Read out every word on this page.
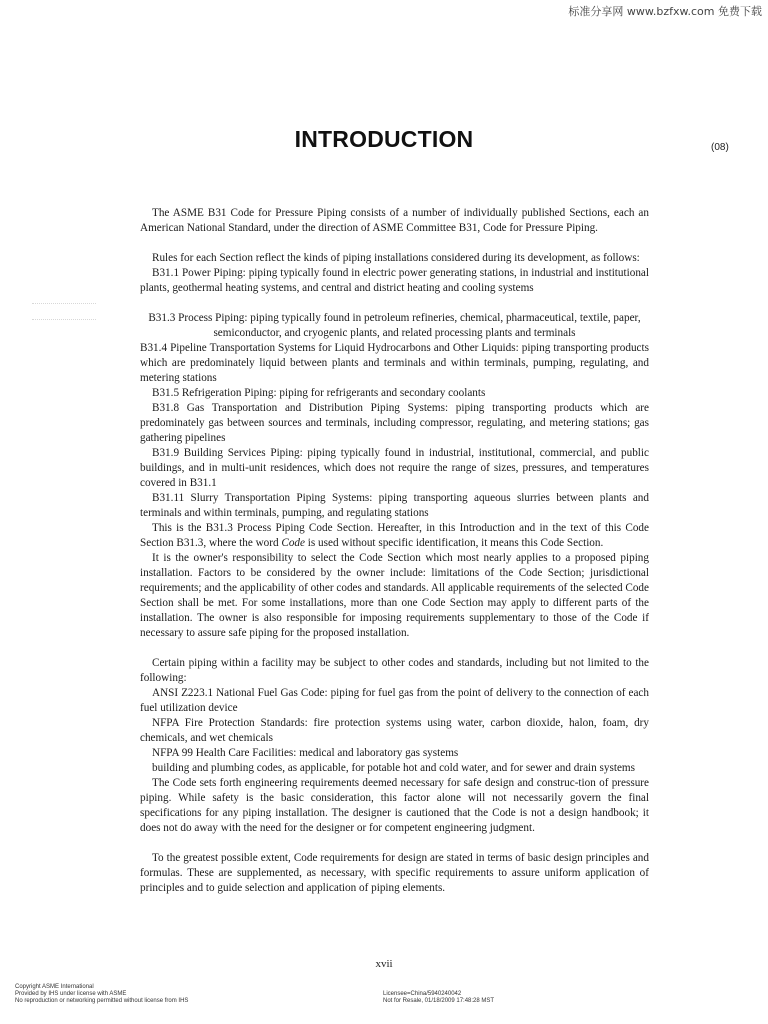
标准分享网 www.bzfxw.com 免费下载
INTRODUCTION	(08)

The ASME B31 Code for Pressure Piping consists of a number of individually published Sections, each an American National Standard, under the direction of ASME Committee B31, Code for Pressure Piping.

Rules for each Section reflect the kinds of piping installations considered during its development, as follows:

B31.1 Power Piping: piping typically found in electric power generating stations, in industrial and institutional plants, geothermal heating systems, and central and district heating and cooling systems

B31.3 Process Piping: piping typically found in petroleum refineries, chemical, pharmaceutical, textile, paper, semiconductor, and cryogenic plants, and related processing plants and terminals

B31.4 Pipeline Transportation Systems for Liquid Hydrocarbons and Other Liquids: piping transporting products which are predominately liquid between plants and terminals and within terminals, pumping, regulating, and metering stations

B31.5 Refrigeration Piping: piping for refrigerants and secondary coolants

B31.8 Gas Transportation and Distribution Piping Systems: piping transporting products which are predominately gas between sources and terminals, including compressor, regulating, and metering stations; gas gathering pipelines

B31.9 Building Services Piping: piping typically found in industrial, institutional, commercial, and public buildings, and in multi-unit residences, which does not require the range of sizes, pressures, and temperatures covered in B31.1

B31.11 Slurry Transportation Piping Systems: piping transporting aqueous slurries between plants and terminals and within terminals, pumping, and regulating stations

This is the B31.3 Process Piping Code Section. Hereafter, in this Introduction and in the text of this Code Section B31.3, where the word Code is used without specific identification, it means this Code Section.

It is the owner's responsibility to select the Code Section which most nearly applies to a proposed piping installation. Factors to be considered by the owner include: limitations of the Code Section; jurisdictional requirements; and the applicability of other codes and standards. All applicable requirements of the selected Code Section shall be met. For some installations, more than one Code Section may apply to different parts of the installation. The owner is also responsible for imposing requirements supplementary to those of the Code if necessary to assure safe piping for the proposed installation.

Certain piping within a facility may be subject to other codes and standards, including but not limited to the following:

ANSI Z223.1 National Fuel Gas Code: piping for fuel gas from the point of delivery to the connection of each fuel utilization device

NFPA Fire Protection Standards: fire protection systems using water, carbon dioxide, halon, foam, dry chemicals, and wet chemicals

NFPA 99 Health Care Facilities: medical and laboratory gas systems

building and plumbing codes, as applicable, for potable hot and cold water, and for sewer and drain systems

The Code sets forth engineering requirements deemed necessary for safe design and construc-tion of pressure piping. While safety is the basic consideration, this factor alone will not necessarily govern the final specifications for any piping installation. The designer is cautioned that the Code is not a design handbook; it does not do away with the need for the designer or for competent engineering judgment.

To the greatest possible extent, Code requirements for design are stated in terms of basic design principles and formulas. These are supplemented, as necessary, with specific requirements to assure uniform application of principles and to guide selection and application of piping elements.

xvii
Copyright ASME International
Provided by IHS under license with ASME
No reproduction or networking permitted without license from IHS
Licensee=China/5940240042
Not for Resale, 01/18/2009 17:48:28 MST
